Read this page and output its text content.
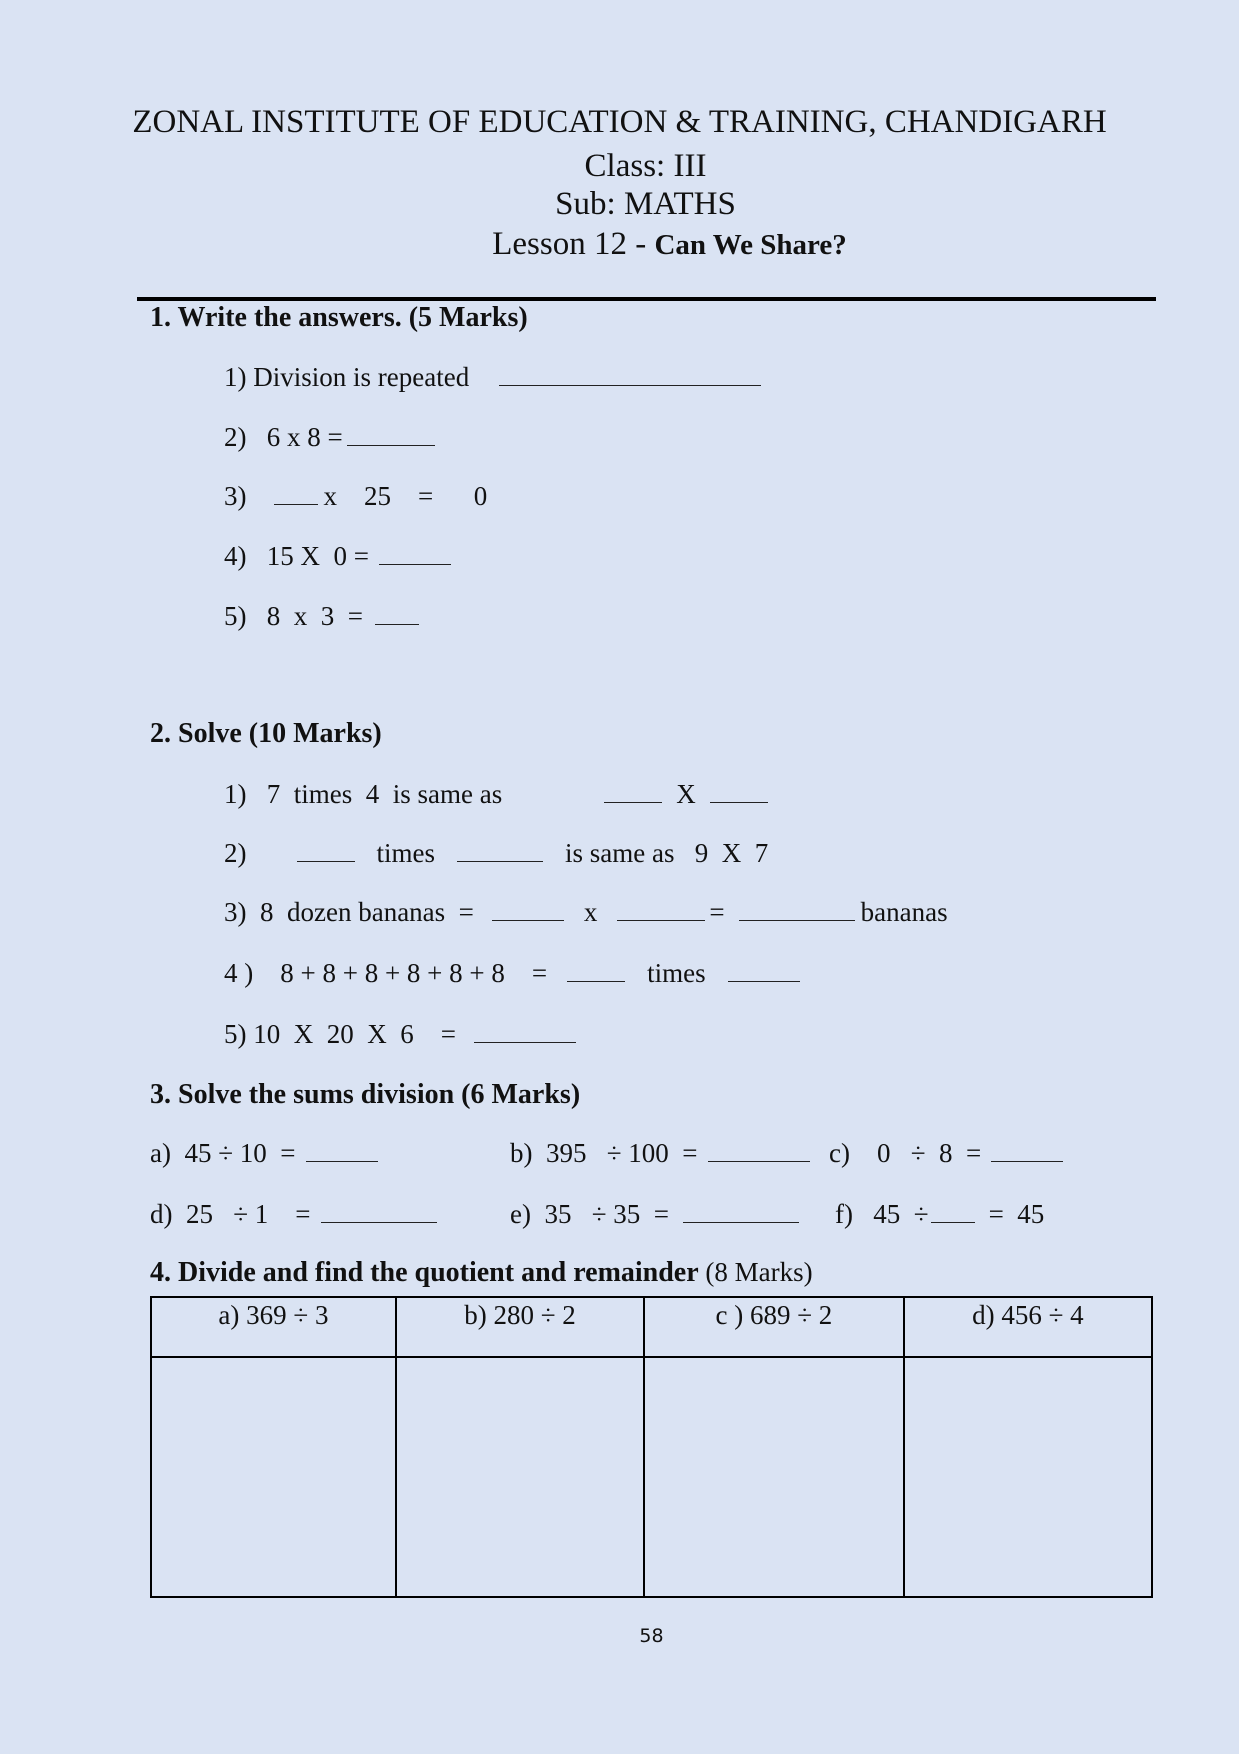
ZONAL INSTITUTE OF EDUCATION & TRAINING, CHANDIGARH
Class: III
Sub: MATHS
Lesson 12 - Can We Share?
1. Write the answers. (5 Marks)
1) Division is repeated
2)   6 x 8 =
3)	x    25    =      0
4)   15 X  0 =
5)   8  x  3  =
2. Solve (10 Marks)
1)   7  times  4  is same as	X
2)	times	is same as   9  X  7
3)  8  dozen bananas  =	x	=	bananas
4 )    8 + 8 + 8 + 8 + 8 + 8    =	times
5) 10  X  20  X  6    =
3. Solve the sums division (6 Marks)
a)  45 ÷ 10  =	b)  395   ÷ 100  =	c)    0   ÷  8  =
d)  25   ÷ 1    =	e)  35   ÷ 35  =	f)   45  ÷ =  45
4. Divide and find the quotient and remainder (8 Marks)
a) 369 ÷ 3	b) 280 ÷ 2	c ) 689 ÷ 2	d) 456 ÷ 4

58
